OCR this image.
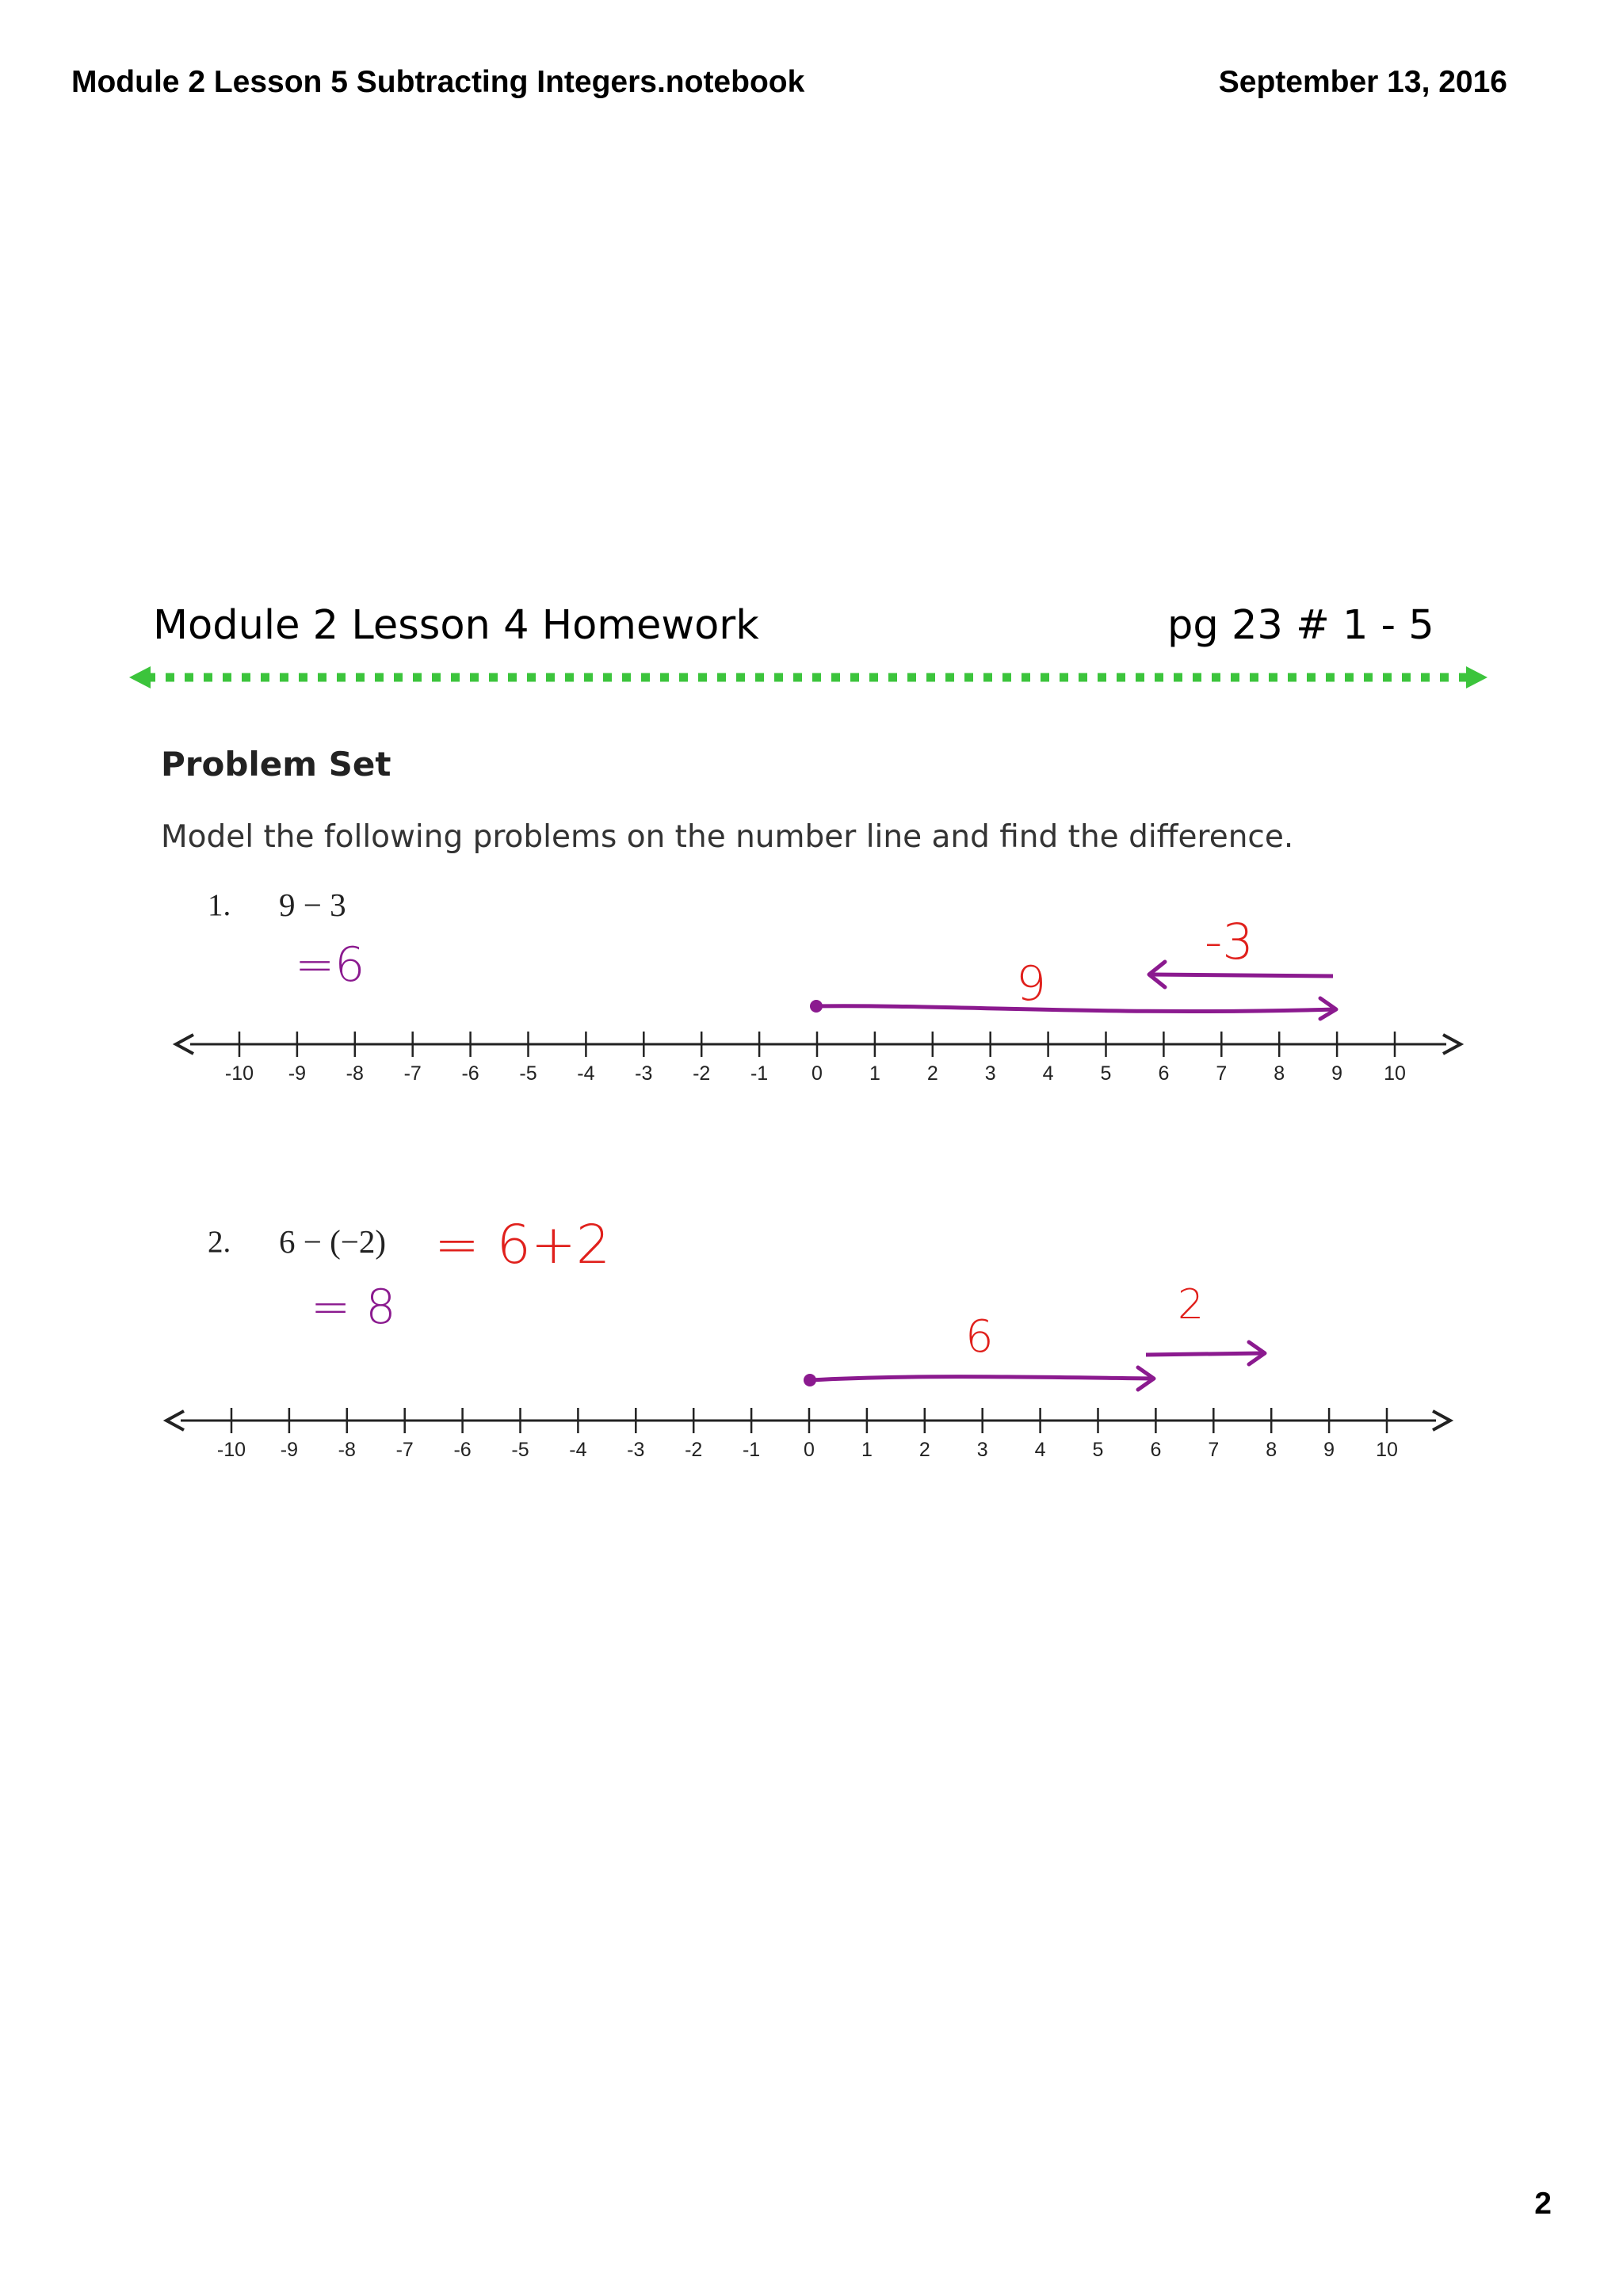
Module 2 Lesson 5 Subtracting Integers.notebook	September 13, 2016
Module 2 Lesson 4 Homework	pg 23 # 1 - 5
Problem Set
Model the following problems on the number line and find the difference.
1. 9 − 3
2. 6 − (−2)
2
-10 -9 -8 -7 -6 -5 -4 -3 -2 -1 0 1 2 3 4 5 6 7 8 9 10
-10 -9 -8 -7 -6 -5 -4 -3 -2 -1 0 1 2 3 4 5 6 7 8 9 10
=6	9
-3
= 6+2
= 8
6
2
